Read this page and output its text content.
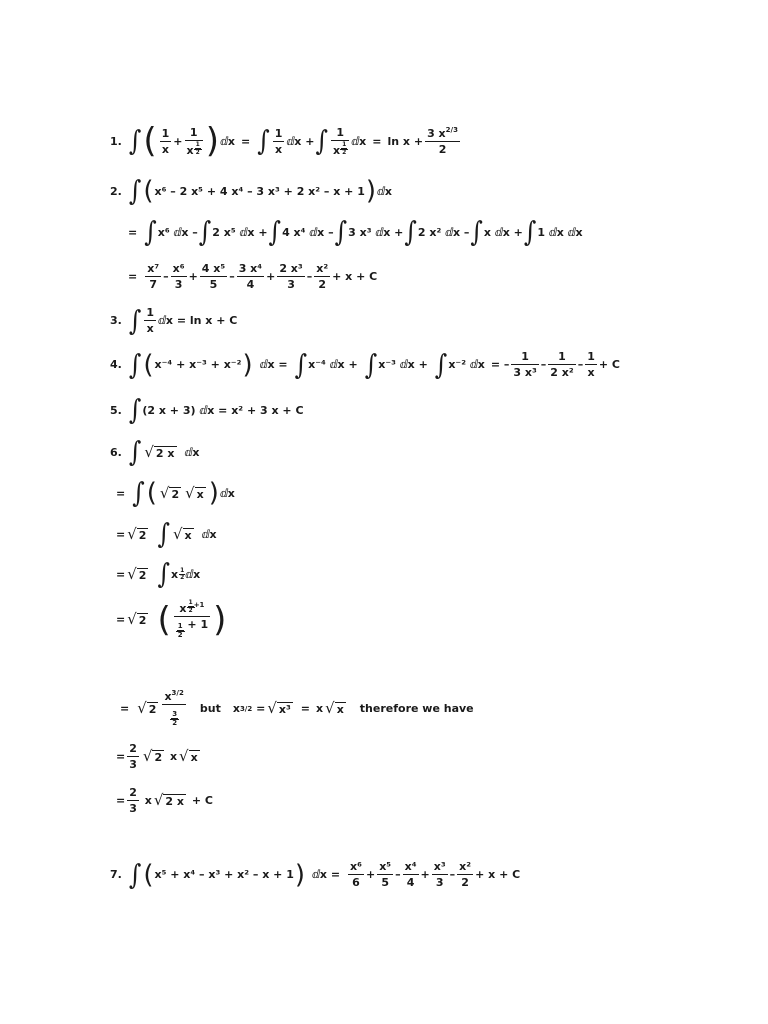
1. ∫ ( 1
x
+ $\frac{1}{x \frac{1}{2}}$ ) ⅆx = ∫ 1
x
ⅆx
+ ∫ 1
x $\frac{1}{2}$
ⅆx = $\ln x + \frac{3 x^{2/3}}{2}$
2. ∫ ( x⁶ – 2 x⁵ + 4 x⁴ – 3 x³ + 2 x² – x + 1 ) ⅆx
= ∫ x⁶ ⅆx – ∫ 2 x⁵ ⅆx + ∫ 4 x⁴ ⅆx – ∫ 3 x³ ⅆx + ∫ 2 x² ⅆx – ∫ x ⅆx + ∫ 1 ⅆx ⅆx
=
x⁷
7
–
x⁶
3
+ $\frac{\text{4 x⁵}}{5}$ –
3 x⁴
4
+ $\frac{\text{2 x³}}{3}$ –
x²
2
+ x + C
3. ∫ 1
x
ⅆx = ln x + C
4. ∫ ( x⁻⁴ + x⁻³ + x⁻² ) ⅆx = ∫ x⁻⁴ ⅆx + ∫ x⁻³ ⅆx + ∫ x⁻² ⅆx = –
1
3 x³
–
1
2 x²
–
1
x
+ C
5. ∫ (2 x + 3) ⅆx = x² + 3 x + C
6. ∫ √ 2 x ⅆx
= ∫ ( √ 2 √ x ) ⅆx
= √ 2 ∫ √ x ⅆx
= √ 2 ∫ x $\frac{1}{2}$ ⅆx
= √ 2 ( x $\frac{1}{2} ^{+1}$
$\frac{1}{2} + 1$ )
= √ 2
$x^{3/2}$
$\frac{3}{2}$
but x 3/2
= √ x³ = x √ x therefore we have
= $\frac{2}{3}$ √ 2
x √ x
= $\frac{2}{3}$
x √ 2 x
+ C
7. ∫ ( x⁵ + x⁴ – x³ + x² – x + 1 ) ⅆx =
x⁶
6
+ $\frac{\text{x⁵}}{5}$ –
x⁴
4
+ $\frac{\text{x³}}{3}$ –
x²
2
+ x + C
